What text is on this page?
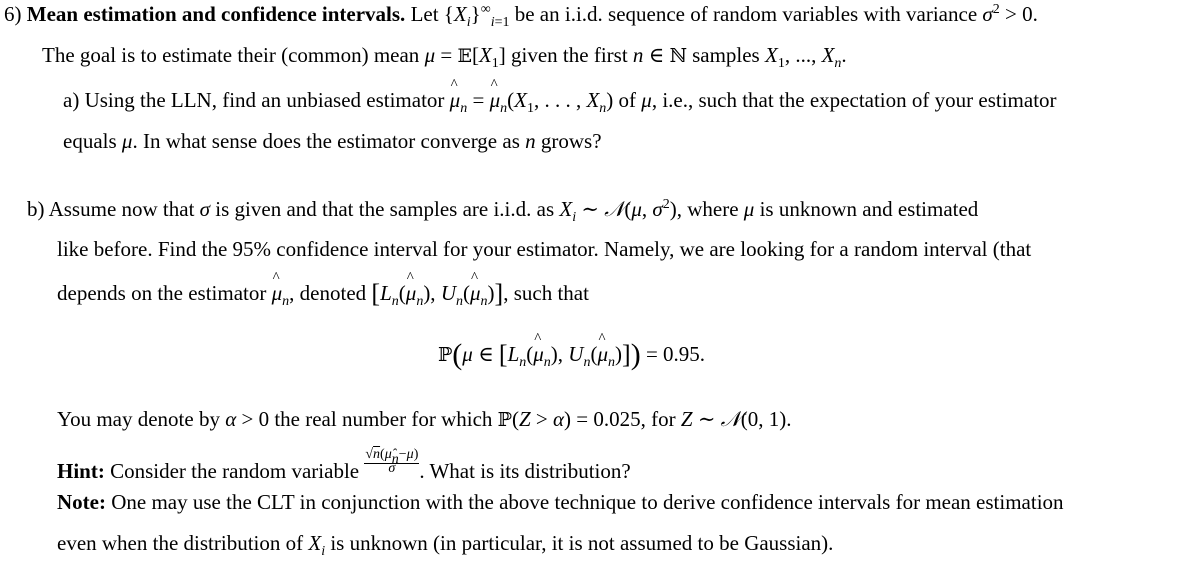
6) Mean estimation and confidence intervals. Let $\{X_i\}^\infty_{i=1}$ be an i.i.d. sequence of random variables with variance $\sigma^2 > 0$.
The goal is to estimate their (common) mean $\mu = 𝔼[X_1]$ given the first n ∈ ℕ samples $X_1$, ..., $X_n$.
a) Using the LLN, find an unbiased estimator ^ $\mu_n$ = ^ $\mu_n(X_1$, . . . , $X_n$) of μ, i.e., such that the expectation of your estimator
equals μ. In what sense does the estimator converge as n grows?
b) Assume now that σ is given and that the samples are i.i.d. as $X_i$ ∼ 𝒩(μ, $\sigma^2$), where μ is unknown and estimated
like before. Find the 95% confidence interval for your estimator. Namely, we are looking for a random interval (that
depends on the estimator ^ $\mu_n$, denoted [$L_n(\^{}$ $\mu_n$), $U_n(\^{}$ $\mu_n$)], such that
ℙ(μ ∈ [$L_n(\^{}$ $\mu_n$), $U_n(\^{}$ $\mu_n)]) = 0.95$.
You may denote by α > 0 the real number for which ℙ(Z > α) = 0.025, for Z ∼ 𝒩(0, 1).
Hint: Consider the random variable $\frac{√n(\mû_n-\mu)}{\sigma}$. What is its distribution?
Note: One may use the CLT in conjunction with the above technique to derive confidence intervals for mean estimation
even when the distribution of $X_i$ is unknown (in particular, it is not assumed to be Gaussian).
